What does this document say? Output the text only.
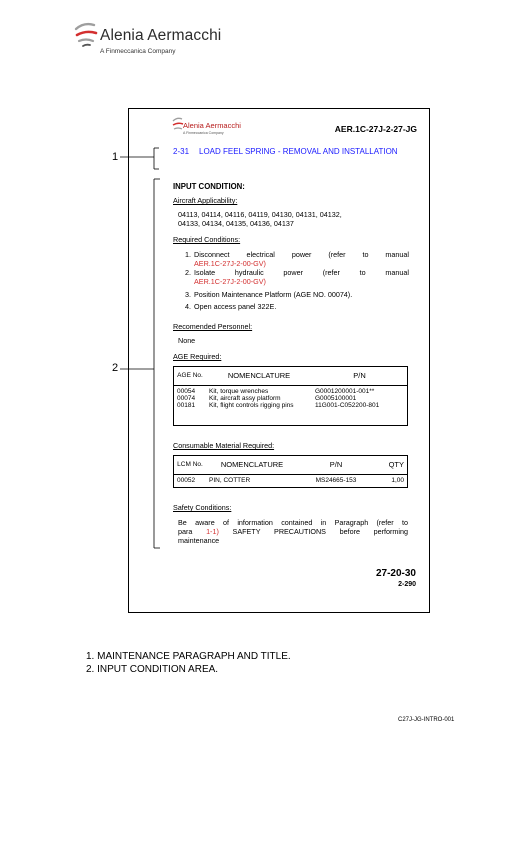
Alenia Aermacchi
A Finmeccanica Company
Alenia Aermacchi
A Finmeccanica Company	AER.1C-27J-2-27-JG
2-31 LOAD FEEL SPRING - REMOVAL AND INSTALLATION
1
2
INPUT CONDITION:
Aircraft Applicability:
04113, 04114, 04116, 04119, 04130, 04131, 04132,
04133, 04134, 04135, 04136, 04137
Required Conditions:
1. Disconnect electrical power (refer to manual
AER.1C-27J-2-00-GV)
2. Isolate hydraulic power (refer to manual
AER.1C-27J-2-00-GV)
3. Position Maintenance Platform (AGE NO. 00074).
4. Open access panel 322E.
Recomended Personnel:
None
AGE Required:
AGE No.	NOMENCLATURE	P/N
00054	Kit, torque wrenches	G0001200001-001**
00074	Kit, aircraft assy platform	G0005100001
00181	Kit, flight controls rigging pins	11G001-C052200-801
Consumable Material Required:
LCM No.	NOMENCLATURE	P/N	QTY
00052	PIN, COTTER	MS24665-153	1,00
Safety Conditions:
Be aware of information contained in Paragraph (refer to
para 1-1) SAFETY PRECAUTIONS before performing
maintenance
27-20-30
2-290
1. MAINTENANCE PARAGRAPH AND TITLE.
2. INPUT CONDITION AREA.
C27J-JG-INTRO-001
